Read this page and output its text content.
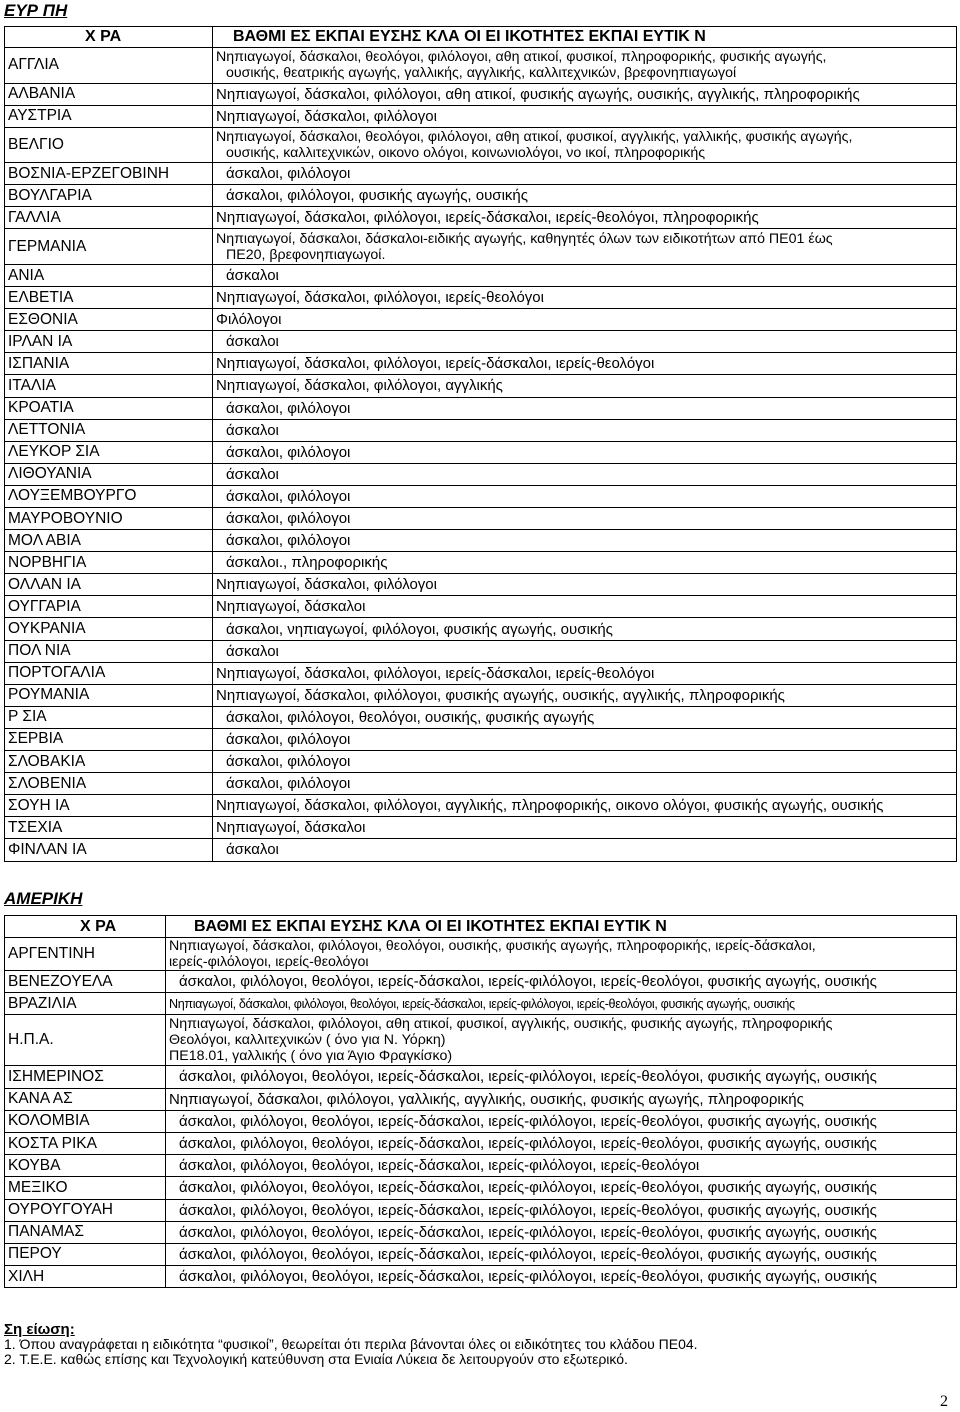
ΕΥΡ ΠΗ
Χ ΡΑ	ΒΑΘΜΙ ΕΣ ΕΚΠΑΙ ΕΥΣΗΣ ΚΛΑ ΟΙ ΕΙ ΙΚΟΤΗΤΕΣ ΕΚΠΑΙ ΕΥΤΙΚ Ν
ΑΓΓΛΙΑ	Νηπιαγωγοί, δάσκαλοι, θεολόγοι, φιλόλογοι, αθη ατικοί, φυσικοί, πληροφορικής, φυσικής αγωγής,
ουσικής, θεατρικής αγωγής, γαλλικής, αγγλικής, καλλιτεχνικών, βρεφονηπιαγωγοί

ΑΛΒΑΝΙΑ	Νηπιαγωγοί, δάσκαλοι, φιλόλογοι, αθη ατικοί, φυσικής αγωγής, ουσικής, αγγλικής, πληροφορικής

ΑΥΣΤΡΙΑ	Νηπιαγωγοί, δάσκαλοι, φιλόλογοι

ΒΕΛΓΙΟ	Νηπιαγωγοί, δάσκαλοι, θεολόγοι, φιλόλογοι, αθη ατικοί, φυσικοί, αγγλικής, γαλλικής, φυσικής αγωγής,
ουσικής, καλλιτεχνικών, οικονο ολόγοι, κοινωνιολόγοι, νο ικοί, πληροφορικής

ΒΟΣΝΙΑ-ΕΡΖΕΓΟΒΙΝΗ	άσκαλοι, φιλόλογοι

ΒΟΥΛΓΑΡΙΑ	άσκαλοι, φιλόλογοι, φυσικής αγωγής, ουσικής

ΓΑΛΛΙΑ	Νηπιαγωγοί, δάσκαλοι, φιλόλογοι, ιερείς-δάσκαλοι, ιερείς-θεολόγοι, πληροφορικής

ΓΕΡΜΑΝΙΑ	Νηπιαγωγοί, δάσκαλοι, δάσκαλοι-ειδικής αγωγής, καθηγητές όλων των ειδικοτήτων από ΠΕ01 έως
ΠΕ20, βρεφονηπιαγωγοί.

ΑΝΙΑ	άσκαλοι

ΕΛΒΕΤΙΑ	Νηπιαγωγοί, δάσκαλοι, φιλόλογοι, ιερείς-θεολόγοι

ΕΣΘΟΝΙΑ	Φιλόλογοι

ΙΡΛΑΝ ΙΑ	άσκαλοι

ΙΣΠΑΝΙΑ	Νηπιαγωγοί, δάσκαλοι, φιλόλογοι, ιερείς-δάσκαλοι, ιερείς-θεολόγοι

ΙΤΑΛΙΑ	Νηπιαγωγοί, δάσκαλοι, φιλόλογοι, αγγλικής

ΚΡΟΑΤΙΑ	άσκαλοι, φιλόλογοι

ΛΕΤΤΟΝΙΑ	άσκαλοι

ΛΕΥΚΟΡ ΣΙΑ	άσκαλοι, φιλόλογοι

ΛΙΘΟΥΑΝΙΑ	άσκαλοι

ΛΟΥΞΕΜΒΟΥΡΓΟ	άσκαλοι, φιλόλογοι

ΜΑΥΡΟΒΟΥΝΙΟ	άσκαλοι, φιλόλογοι

ΜΟΛ ΑΒΙΑ	άσκαλοι, φιλόλογοι

ΝΟΡΒΗΓΙΑ	άσκαλοι., πληροφορικής

ΟΛΛΑΝ ΙΑ	Νηπιαγωγοί, δάσκαλοι, φιλόλογοι

ΟΥΓΓΑΡΙΑ	Νηπιαγωγοί, δάσκαλοι

ΟΥΚΡΑΝΙΑ	άσκαλοι, νηπιαγωγοί, φιλόλογοι, φυσικής αγωγής, ουσικής

ΠΟΛ ΝΙΑ	άσκαλοι

ΠΟΡΤΟΓΑΛΙΑ	Νηπιαγωγοί, δάσκαλοι, φιλόλογοι, ιερείς-δάσκαλοι, ιερείς-θεολόγοι

ΡΟΥΜΑΝΙΑ	Νηπιαγωγοί, δάσκαλοι, φιλόλογοι, φυσικής αγωγής, ουσικής, αγγλικής, πληροφορικής

Ρ ΣΙΑ	άσκαλοι, φιλόλογοι, θεολόγοι, ουσικής, φυσικής αγωγής

ΣΕΡΒΙΑ	άσκαλοι, φιλόλογοι

ΣΛΟΒΑΚΙΑ	άσκαλοι, φιλόλογοι

ΣΛΟΒΕΝΙΑ	άσκαλοι, φιλόλογοι

ΣΟΥΗ ΙΑ	Νηπιαγωγοί, δάσκαλοι, φιλόλογοι, αγγλικής, πληροφορικής, οικονο ολόγοι, φυσικής αγωγής, ουσικής

ΤΣΕΧΙΑ	Νηπιαγωγοί, δάσκαλοι

ΦΙΝΛΑΝ ΙΑ	άσκαλοι
ΑΜΕΡΙΚΗ
Χ ΡΑ	ΒΑΘΜΙ ΕΣ ΕΚΠΑΙ ΕΥΣΗΣ ΚΛΑ ΟΙ ΕΙ ΙΚΟΤΗΤΕΣ ΕΚΠΑΙ ΕΥΤΙΚ Ν
ΑΡΓΕΝΤΙΝΗ	Νηπιαγωγοί, δάσκαλοι, φιλόλογοι, θεολόγοι, ουσικής, φυσικής αγωγής, πληροφορικής, ιερείς-δάσκαλοι,
ιερείς-φιλόλογοι, ιερείς-θεολόγοι

ΒΕΝΕΖΟΥΕΛΑ	άσκαλοι, φιλόλογοι, θεολόγοι, ιερείς-δάσκαλοι, ιερείς-φιλόλογοι, ιερείς-θεολόγοι, φυσικής αγωγής, ουσικής

ΒΡΑΖΙΛΙΑ	Νηπιαγωγοί, δάσκαλοι, φιλόλογοι, θεολόγοι, ιερείς-δάσκαλοι, ιερείς-φιλόλογοι, ιερείς-θεολόγοι, φυσικής αγωγής, ουσικής

Η.Π.Α.	Νηπιαγωγοί, δάσκαλοι, φιλόλογοι, αθη ατικοί, φυσικοί, αγγλικής, ουσικής, φυσικής αγωγής, πληροφορικής
Θεολόγοι, καλλιτεχνικών ( όνο για Ν. Υόρκη)
ΠΕ18.01, γαλλικής ( όνο για Άγιο Φραγκίσκο)

ΙΣΗΜΕΡΙΝΟΣ	άσκαλοι, φιλόλογοι, θεολόγοι, ιερείς-δάσκαλοι, ιερείς-φιλόλογοι, ιερείς-θεολόγοι, φυσικής αγωγής, ουσικής

ΚΑΝΑ ΑΣ	Νηπιαγωγοί, δάσκαλοι, φιλόλογοι, γαλλικής, αγγλικής, ουσικής, φυσικής αγωγής, πληροφορικής

ΚΟΛΟΜΒΙΑ	άσκαλοι, φιλόλογοι, θεολόγοι, ιερείς-δάσκαλοι, ιερείς-φιλόλογοι, ιερείς-θεολόγοι, φυσικής αγωγής, ουσικής

ΚΟΣΤΑ ΡΙΚΑ	άσκαλοι, φιλόλογοι, θεολόγοι, ιερείς-δάσκαλοι, ιερείς-φιλόλογοι, ιερείς-θεολόγοι, φυσικής αγωγής, ουσικής

ΚΟΥΒΑ	άσκαλοι, φιλόλογοι, θεολόγοι, ιερείς-δάσκαλοι, ιερείς-φιλόλογοι, ιερείς-θεολόγοι

ΜΕΞΙΚΟ	άσκαλοι, φιλόλογοι, θεολόγοι, ιερείς-δάσκαλοι, ιερείς-φιλόλογοι, ιερείς-θεολόγοι, φυσικής αγωγής, ουσικής

ΟΥΡΟΥΓΟΥΑΗ	άσκαλοι, φιλόλογοι, θεολόγοι, ιερείς-δάσκαλοι, ιερείς-φιλόλογοι, ιερείς-θεολόγοι, φυσικής αγωγής, ουσικής

ΠΑΝΑΜΑΣ	άσκαλοι, φιλόλογοι, θεολόγοι, ιερείς-δάσκαλοι, ιερείς-φιλόλογοι, ιερείς-θεολόγοι, φυσικής αγωγής, ουσικής

ΠΕΡΟΥ	άσκαλοι, φιλόλογοι, θεολόγοι, ιερείς-δάσκαλοι, ιερείς-φιλόλογοι, ιερείς-θεολόγοι, φυσικής αγωγής, ουσικής

ΧΙΛΗ	άσκαλοι, φιλόλογοι, θεολόγοι, ιερείς-δάσκαλοι, ιερείς-φιλόλογοι, ιερείς-θεολόγοι, φυσικής αγωγής, ουσικής
Ση είωση:
1. Όπου αναγράφεται η ειδικότητα “φυσικοί”, θεωρείται ότι περιλα βάνονται όλες οι ειδικότητες του κλάδου ΠΕ04.
2. Τ.Ε.Ε. καθώς επίσης και Τεχνολογική κατεύθυνση στα Ενιαία Λύκεια δε λειτουργούν στο εξωτερικό.
2
